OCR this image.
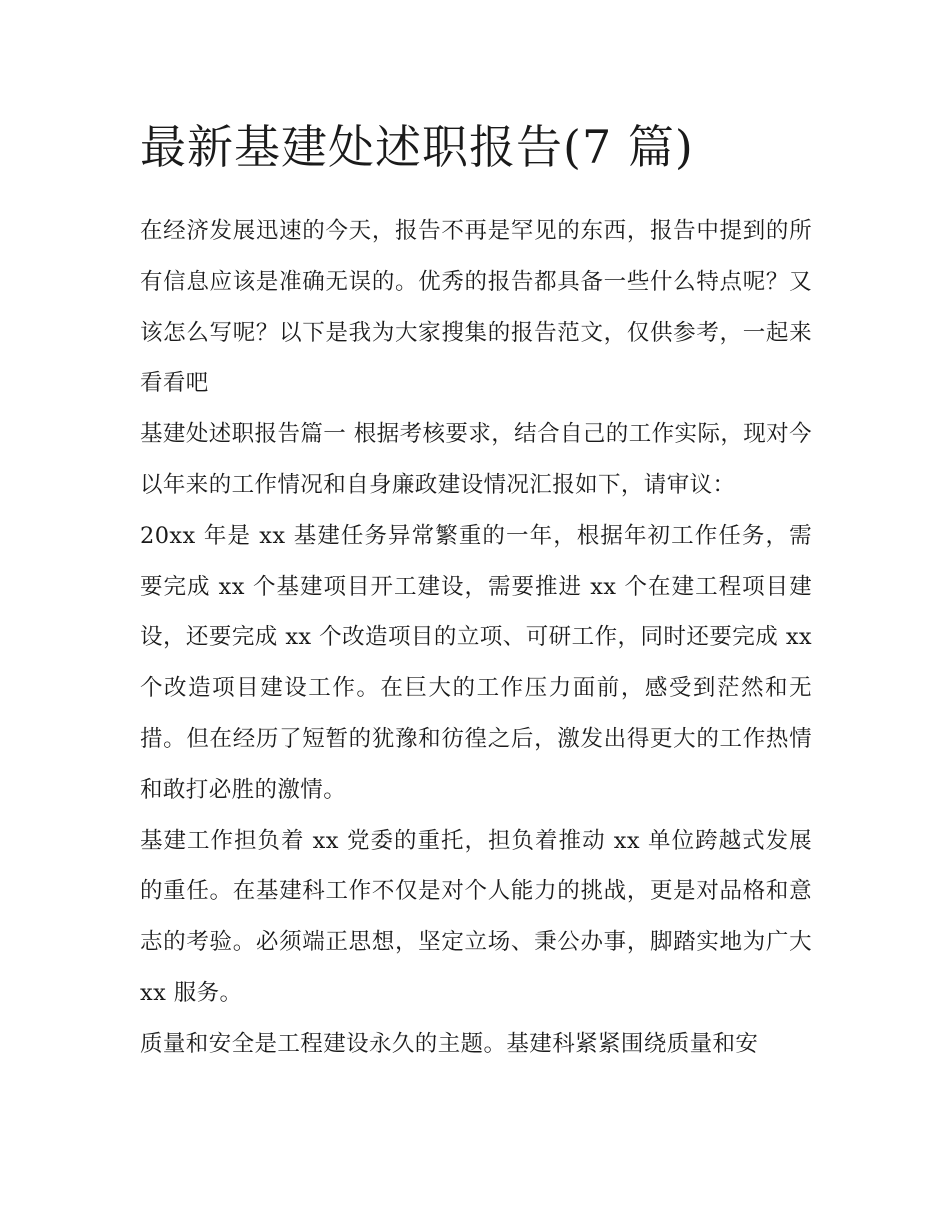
最新基建处述职报告(7 篇)

在经济发展迅速的今天，报告不再是罕见的东西，报告中提到的所有信息应该是准确无误的。优秀的报告都具备一些什么特点呢？又该怎么写呢？以下是我为大家搜集的报告范文，仅供参考，一起来看看吧

基建处述职报告篇一 根据考核要求，结合自己的工作实际，现对今以年来的工作情况和自身廉政建设情况汇报如下，请审议：

20xx 年是 xx 基建任务异常繁重的一年，根据年初工作任务，需要完成 xx 个基建项目开工建设，需要推进 xx 个在建工程项目建设，还要完成 xx 个改造项目的立项、可研工作，同时还要完成 xx 个改造项目建设工作。在巨大的工作压力面前，感受到茫然和无措。但在经历了短暂的犹豫和彷徨之后，激发出得更大的工作热情和敢打必胜的激情。

基建工作担负着 xx 党委的重托，担负着推动 xx 单位跨越式发展的重任。在基建科工作不仅是对个人能力的挑战，更是对品格和意志的考验。必须端正思想，坚定立场、秉公办事，脚踏实地为广大 xx 服务。

质量和安全是工程建设永久的主题。基建科紧紧围绕质量和安
